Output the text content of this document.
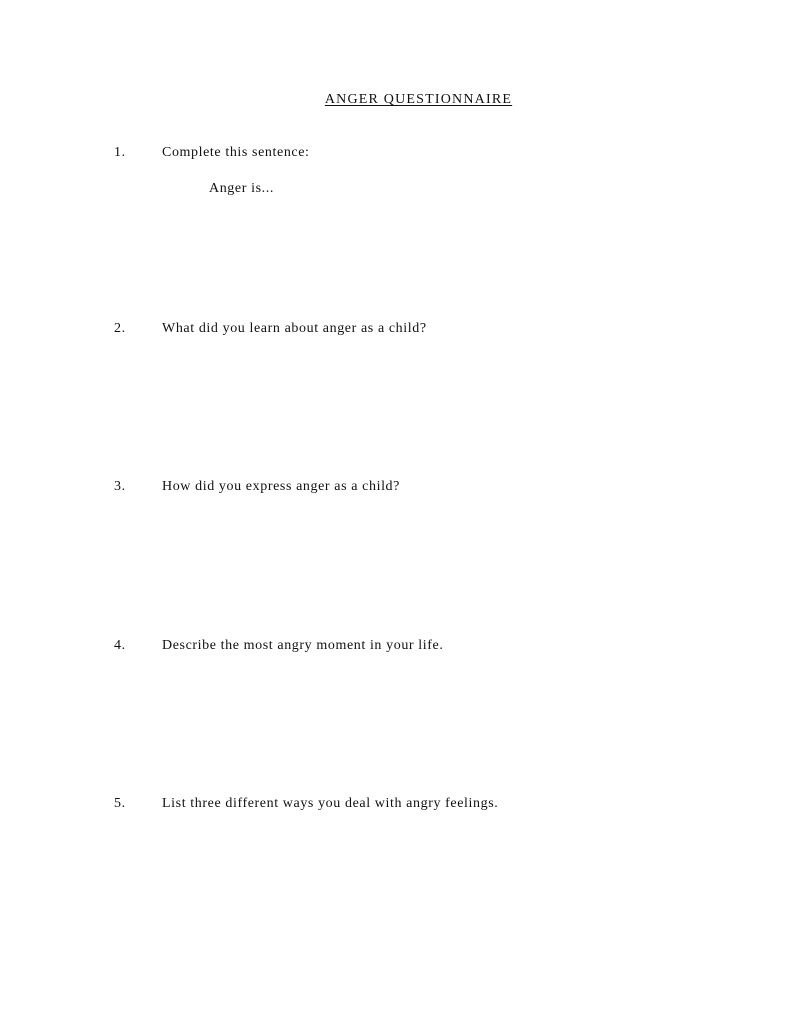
ANGER QUESTIONNAIRE
1.	Complete this sentence:
Anger is...
2.	What did you learn about anger as a child?
3.	How did you express anger as a child?
4.	Describe the most angry moment in your life.
5.	List three different ways you deal with angry feelings.
